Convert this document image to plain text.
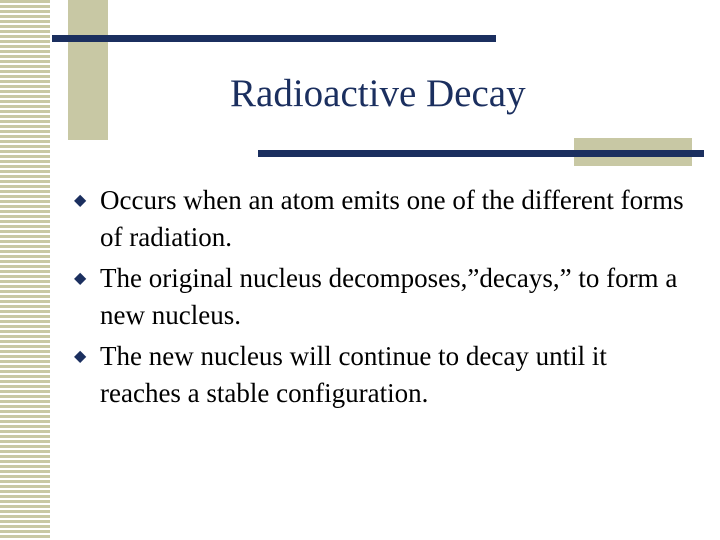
Radioactive Decay
◆ Occurs when an atom emits one of the different forms of radiation.
◆ The original nucleus decomposes,”decays,” to form a new nucleus.
◆ The new nucleus will continue to decay until it reaches a stable configuration.
